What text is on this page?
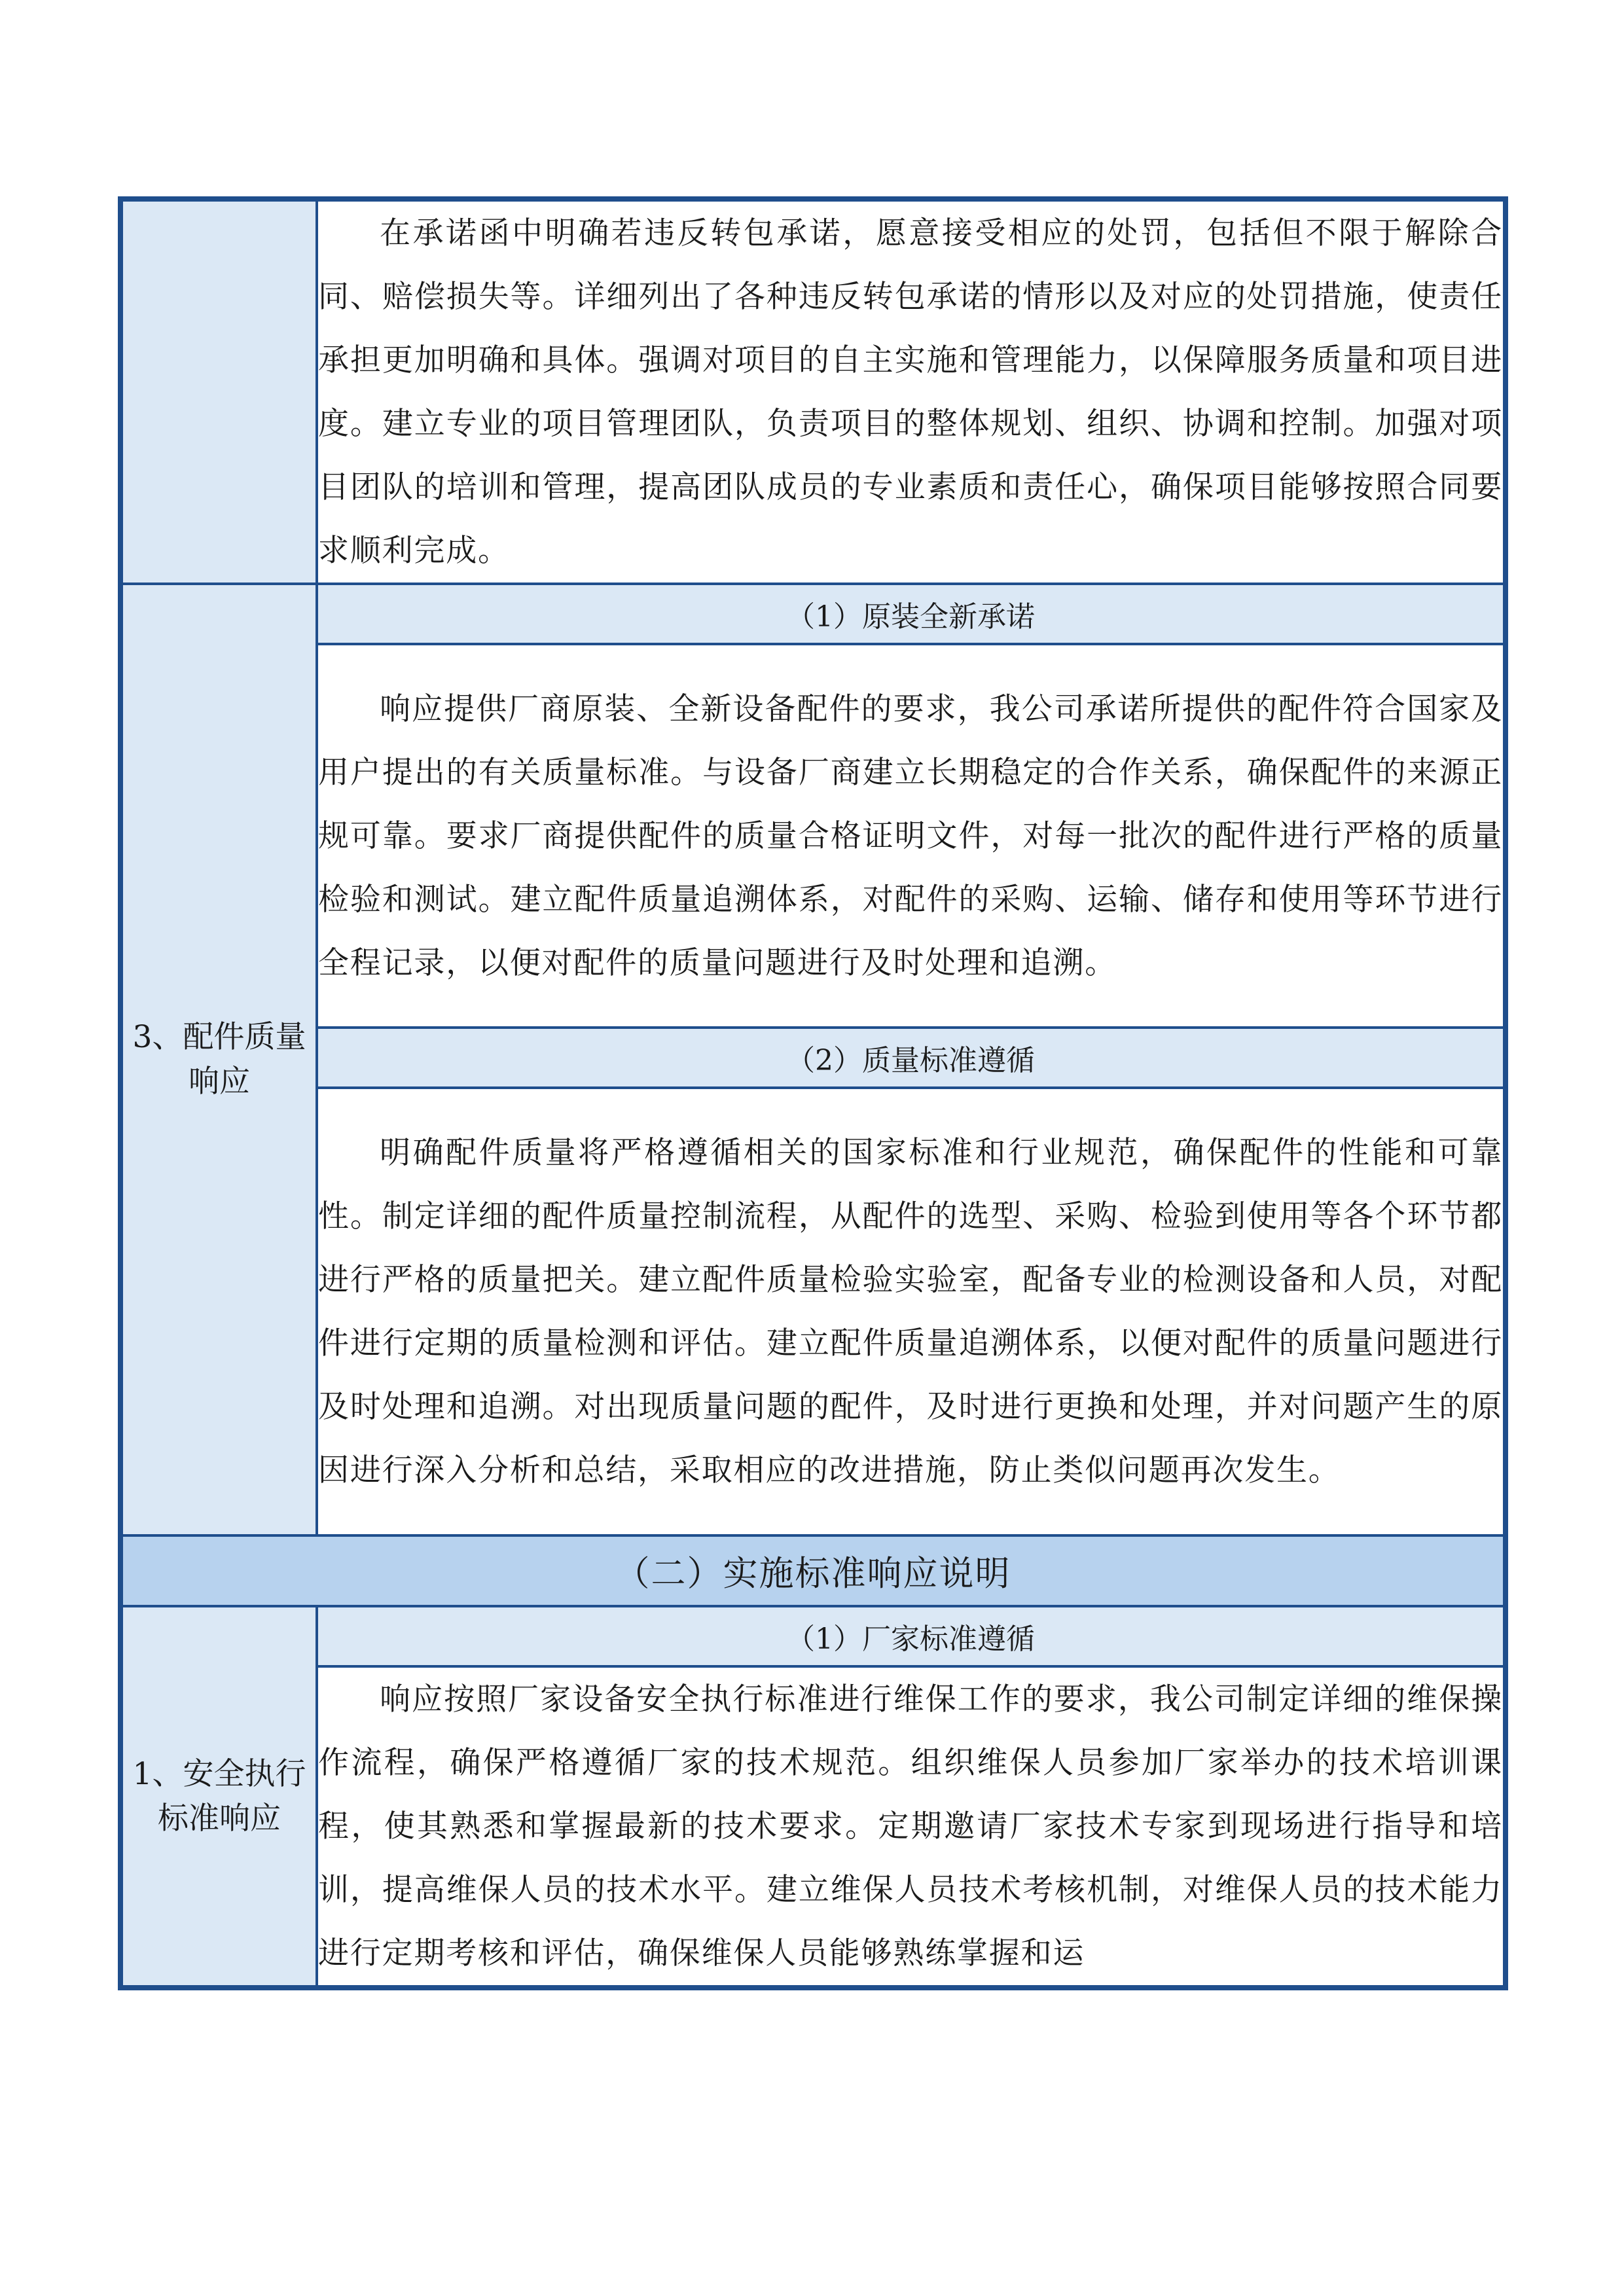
	在承诺函中明确若违反转包承诺，愿意接受相应的处罚，包括但不限于解除合同、赔偿损失等。详细列出了各种违反转包承诺的情形以及对应的处罚措施，使责任承担更加明确和具体。强调对项目的自主实施和管理能力，以保障服务质量和项目进度。建立专业的项目管理团队，负责项目的整体规划、组织、协调和控制。加强对项目团队的培训和管理，提高团队成员的专业素质和责任心，确保项目能够按照合同要求顺利完成。
3、配件质量响应	（1）原装全新承诺
	响应提供厂商原装、全新设备配件的要求，我公司承诺所提供的配件符合国家及用户提出的有关质量标准。与设备厂商建立长期稳定的合作关系，确保配件的来源正规可靠。要求厂商提供配件的质量合格证明文件，对每一批次的配件进行严格的质量检验和测试。建立配件质量追溯体系，对配件的采购、运输、储存和使用等环节进行全程记录，以便对配件的质量问题进行及时处理和追溯。
	（2）质量标准遵循
	明确配件质量将严格遵循相关的国家标准和行业规范，确保配件的性能和可靠性。制定详细的配件质量控制流程，从配件的选型、采购、检验到使用等各个环节都进行严格的质量把关。建立配件质量检验实验室，配备专业的检测设备和人员，对配件进行定期的质量检测和评估。建立配件质量追溯体系，以便对配件的质量问题进行及时处理和追溯。对出现质量问题的配件，及时进行更换和处理，并对问题产生的原因进行深入分析和总结，采取相应的改进措施，防止类似问题再次发生。
（二）实施标准响应说明	
1、安全执行标准响应	（1）厂家标准遵循
	响应按照厂家设备安全执行标准进行维保工作的要求，我公司制定详细的维保操作流程，确保严格遵循厂家的技术规范。组织维保人员参加厂家举办的技术培训课程，使其熟悉和掌握最新的技术要求。定期邀请厂家技术专家到现场进行指导和培训，提高维保人员的技术水平。建立维保人员技术考核机制，对维保人员的技术能力进行定期考核和评估，确保维保人员能够熟练掌握和运
